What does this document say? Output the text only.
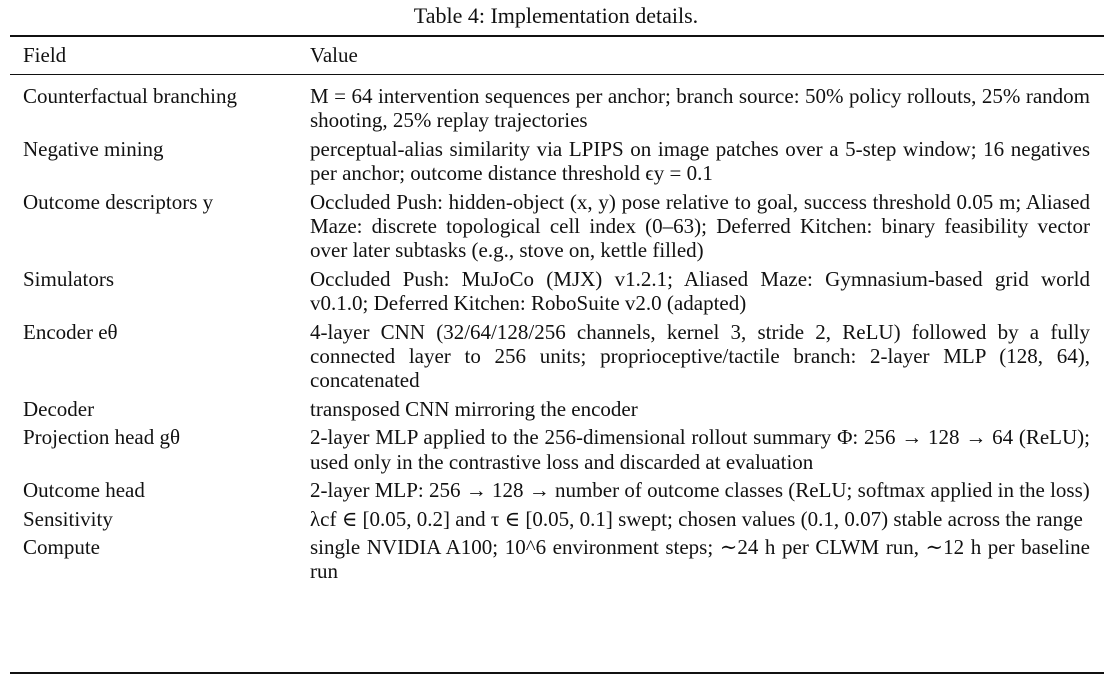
Table 4: Implementation details.
Field	Value
Counterfactual branching	M = 64 intervention sequences per anchor; branch source: 50% policy rollouts, 25% random shooting, 25% replay trajectories
Negative mining	perceptual-alias similarity via LPIPS on image patches over a 5-step window; 16 negatives per anchor; outcome distance threshold ϵy = 0.1
Outcome descriptors y	Occluded Push: hidden-object (x, y) pose relative to goal, success threshold 0.05 m; Aliased Maze: discrete topological cell index (0–63); Deferred Kitchen: binary feasibility vector over later subtasks (e.g., stove on, kettle filled)
Simulators	Occluded Push: MuJoCo (MJX) v1.2.1; Aliased Maze: Gymnasium-based grid world v0.1.0; Deferred Kitchen: RoboSuite v2.0 (adapted)
Encoder eθ	4-layer CNN (32/64/128/256 channels, kernel 3, stride 2, ReLU) followed by a fully connected layer to 256 units; proprioceptive/tactile branch: 2-layer MLP (128, 64), concatenated
Decoder	transposed CNN mirroring the encoder
Projection head gθ	2-layer MLP applied to the 256-dimensional rollout summary Φ: 256 → 128 → 64 (ReLU); used only in the contrastive loss and discarded at evaluation
Outcome head	2-layer MLP: 256 → 128 → number of outcome classes (ReLU; softmax applied in the loss)
Sensitivity	λcf ∈ [0.05, 0.2] and τ ∈ [0.05, 0.1] swept; chosen values (0.1, 0.07) stable across the range
Compute	single NVIDIA A100; 10^6 environment steps; ∼24 h per CLWM run, ∼12 h per baseline run
